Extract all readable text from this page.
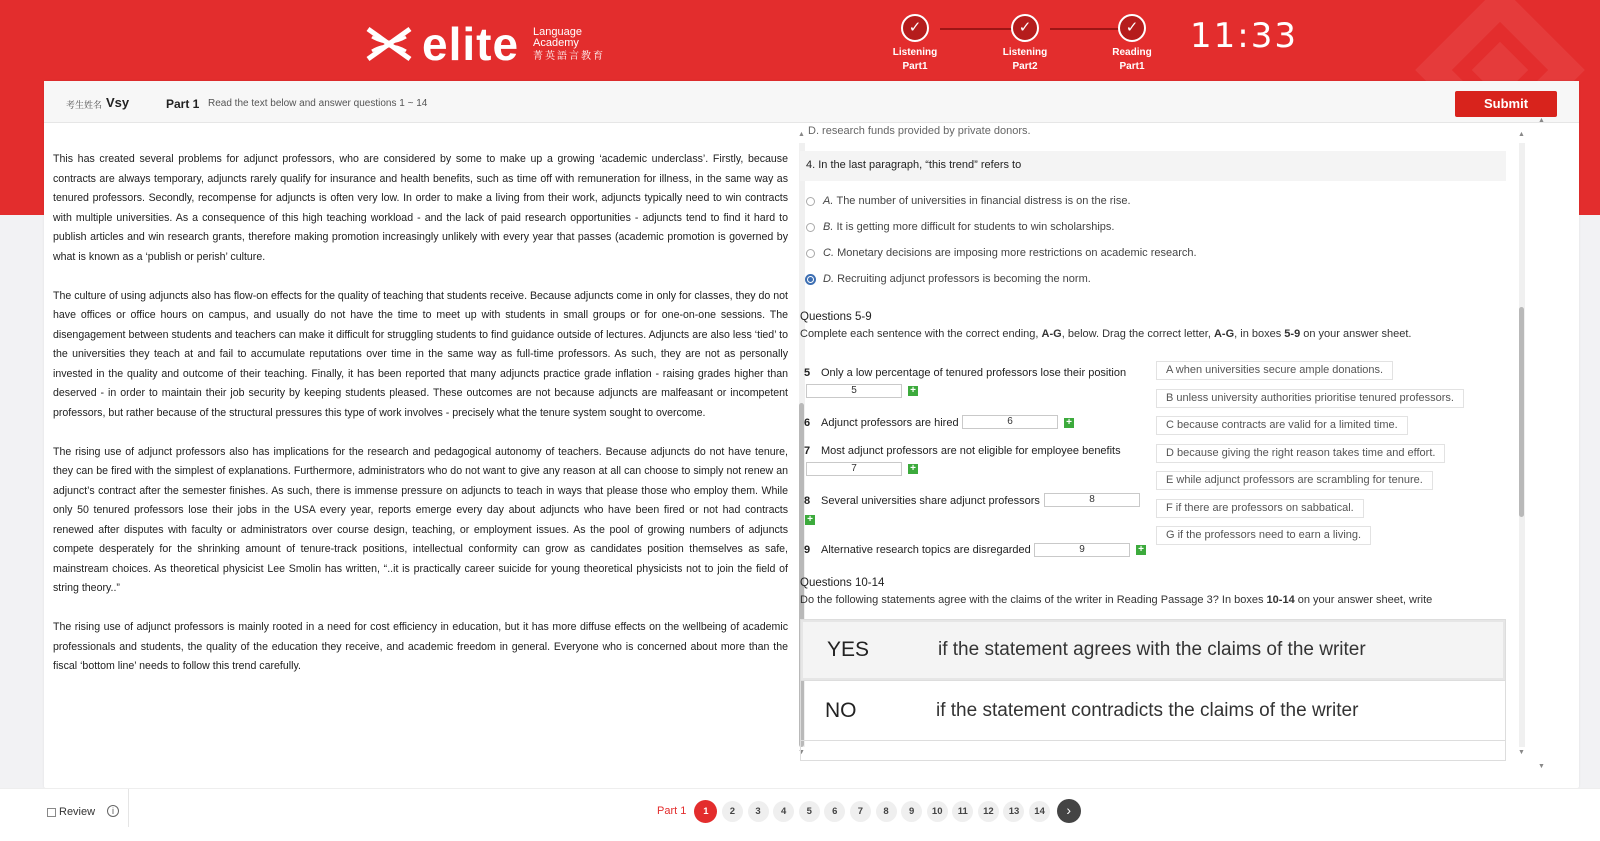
elite Language
Academy
菁英語言教育
✓
Listening
Part1
✓
Listening
Part2
✓
Reading
Part1
11:33
考生姓名 Vsy	Part 1 Read the text below and answer questions 1 ~ 14	Submit

This has created several problems for adjunct professors, who are considered by some to make up a growing ‘academic underclass’. Firstly, because contracts are always temporary, adjuncts rarely qualify for insurance and health benefits, such as time off with remuneration for illness, in the same way as tenured professors. Secondly, recompense for adjuncts is often very low. In order to make a living from their work, adjuncts typically need to win contracts with multiple universities. As a consequence of this high teaching workload - and the lack of paid research opportunities - adjuncts tend to find it hard to publish articles and win research grants, therefore making promotion increasingly unlikely with every year that passes (academic promotion is governed by what is known as a ‘publish or perish’ culture.

The culture of using adjuncts also has flow-on effects for the quality of teaching that students receive. Because adjuncts come in only for classes, they do not have offices or office hours on campus, and usually do not have the time to meet up with students in small groups or for one-on-one sessions. The disengagement between students and teachers can make it difficult for struggling students to find guidance outside of lectures. Adjuncts are also less ‘tied’ to the universities they teach at and fail to accumulate reputations over time in the same way as full-time professors. As such, they are not as personally invested in the quality and outcome of their teaching. Finally, it has been reported that many adjuncts practice grade inflation - raising grades higher than deserved - in order to maintain their job security by keeping students pleased. These outcomes are not because adjuncts are malfeasant or incompetent professors, but rather because of the structural pressures this type of work involves - precisely what the tenure system sought to overcome.

The rising use of adjunct professors also has implications for the research and pedagogical autonomy of teachers. Because adjuncts do not have tenure, they can be fired with the simplest of explanations. Furthermore, administrators who do not want to give any reason at all can choose to simply not renew an adjunct’s contract after the semester finishes. As such, there is immense pressure on adjuncts to teach in ways that please those who employ them. While only 50 tenured professors lose their jobs in the USA every year, reports emerge every day about adjuncts who have been fired or not had contracts renewed after disputes with faculty or administrators over course design, teaching, or employment issues. As the pool of growing numbers of adjuncts compete desperately for the shrinking amount of tenure-track positions, intellectual conformity can grow as candidates position themselves as safe, mainstream choices. As theoretical physicist Lee Smolin has written, “..it is practically career suicide for young theoretical physicists not to join the field of string theory..”

The rising use of adjunct professors is mainly rooted in a need for cost efficiency in education, but it has more diffuse effects on the wellbeing of academic professionals and students, the quality of the education they receive, and academic freedom in general. Everyone who is concerned about more than the fiscal ‘bottom line’ needs to follow this trend carefully.

▲
▼
D. research funds provided by private donors.
4. In the last paragraph, “this trend” refers to
A.
The number of universities in financial distress is on the rise.
B.
It is getting more difficult for students to win scholarships.
C.
Monetary decisions are imposing more restrictions on academic research.
D.
Recruiting adjunct professors is becoming the norm.
Questions 5-9
Complete each sentence with the correct ending, A-G, below. Drag the correct letter, A-G, in boxes 5-9 on your answer sheet.
5 Only a low percentage of tenured professors lose their position
5	+
6 Adjunct professors are hired	6	+
7 Most adjunct professors are not eligible for employee benefits
7	+
8 Several universities share adjunct professors	8
+
9 Alternative research topics are disregarded	9	+
A when universities secure ample donations.
B unless university authorities prioritise tenured professors.
C because contracts are valid for a limited time.
D because giving the right reason takes time and effort.
E while adjunct professors are scrambling for tenure.
F if there are professors on sabbatical.
G if the professors need to earn a living.
Questions 10-14
Do the following statements agree with the claims of the writer in Reading Passage 3? In boxes 10-14 on your answer sheet, write
YES	if the statement agrees with the claims of the writer
NO	if the statement contradicts the claims of the writer
▲
▼
▲
▼
Review	i	Part 1	1	2	3	4	5	6	7	8	9	10	11	12	13	14	›
